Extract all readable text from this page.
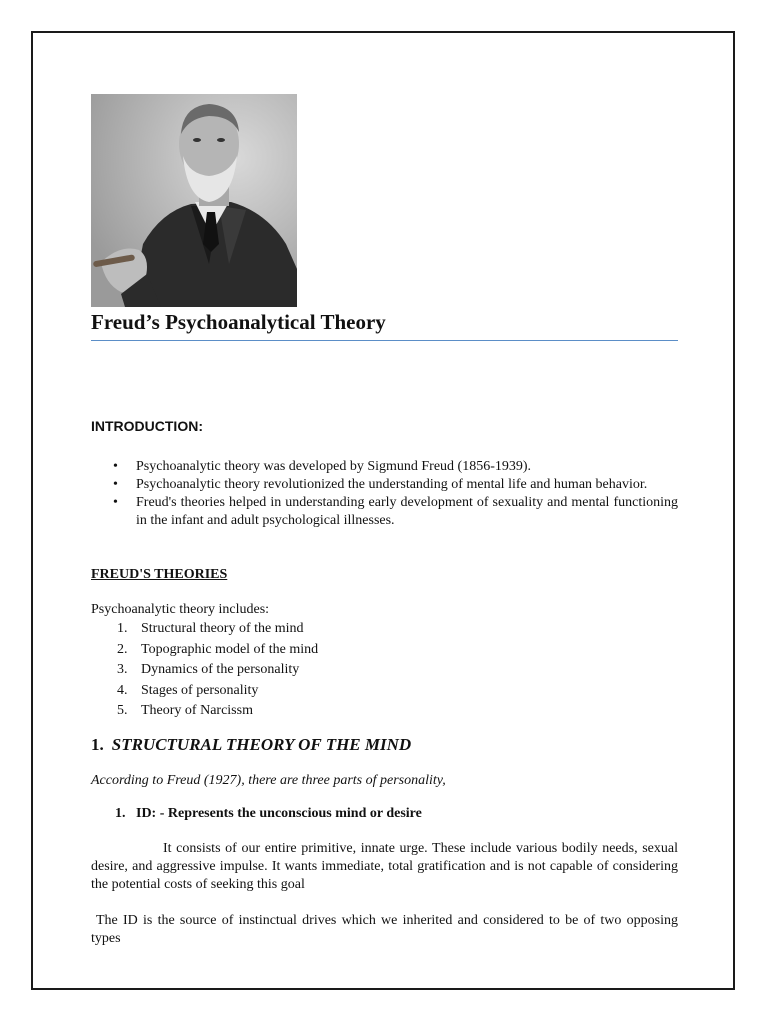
Freud’s Psychoanalytical Theory
INTRODUCTION:
• Psychoanalytic theory was developed by Sigmund Freud (1856-1939).
• Psychoanalytic theory revolutionized the understanding of mental life and human behavior.
• Freud's theories helped in understanding early development of sexuality and mental functioning in the infant and adult psychological illnesses.
FREUD'S THEORIES

Psychoanalytic theory includes:

1. Structural theory of the mind
2. Topographic model of the mind
3. Dynamics of the personality
4. Stages of personality
5. Theory of Narcissm
1. STRUCTURAL THEORY OF THE MIND

According to Freud (1927), there are three parts of personality,

1. ID: - Represents the unconscious mind or desire

It consists of our entire primitive, innate urge. These include various bodily needs, sexual desire, and aggressive impulse. It wants immediate, total gratification and is not capable of considering the potential costs of seeking this goal

The ID is the source of instinctual drives which we inherited and considered to be of two opposing types
